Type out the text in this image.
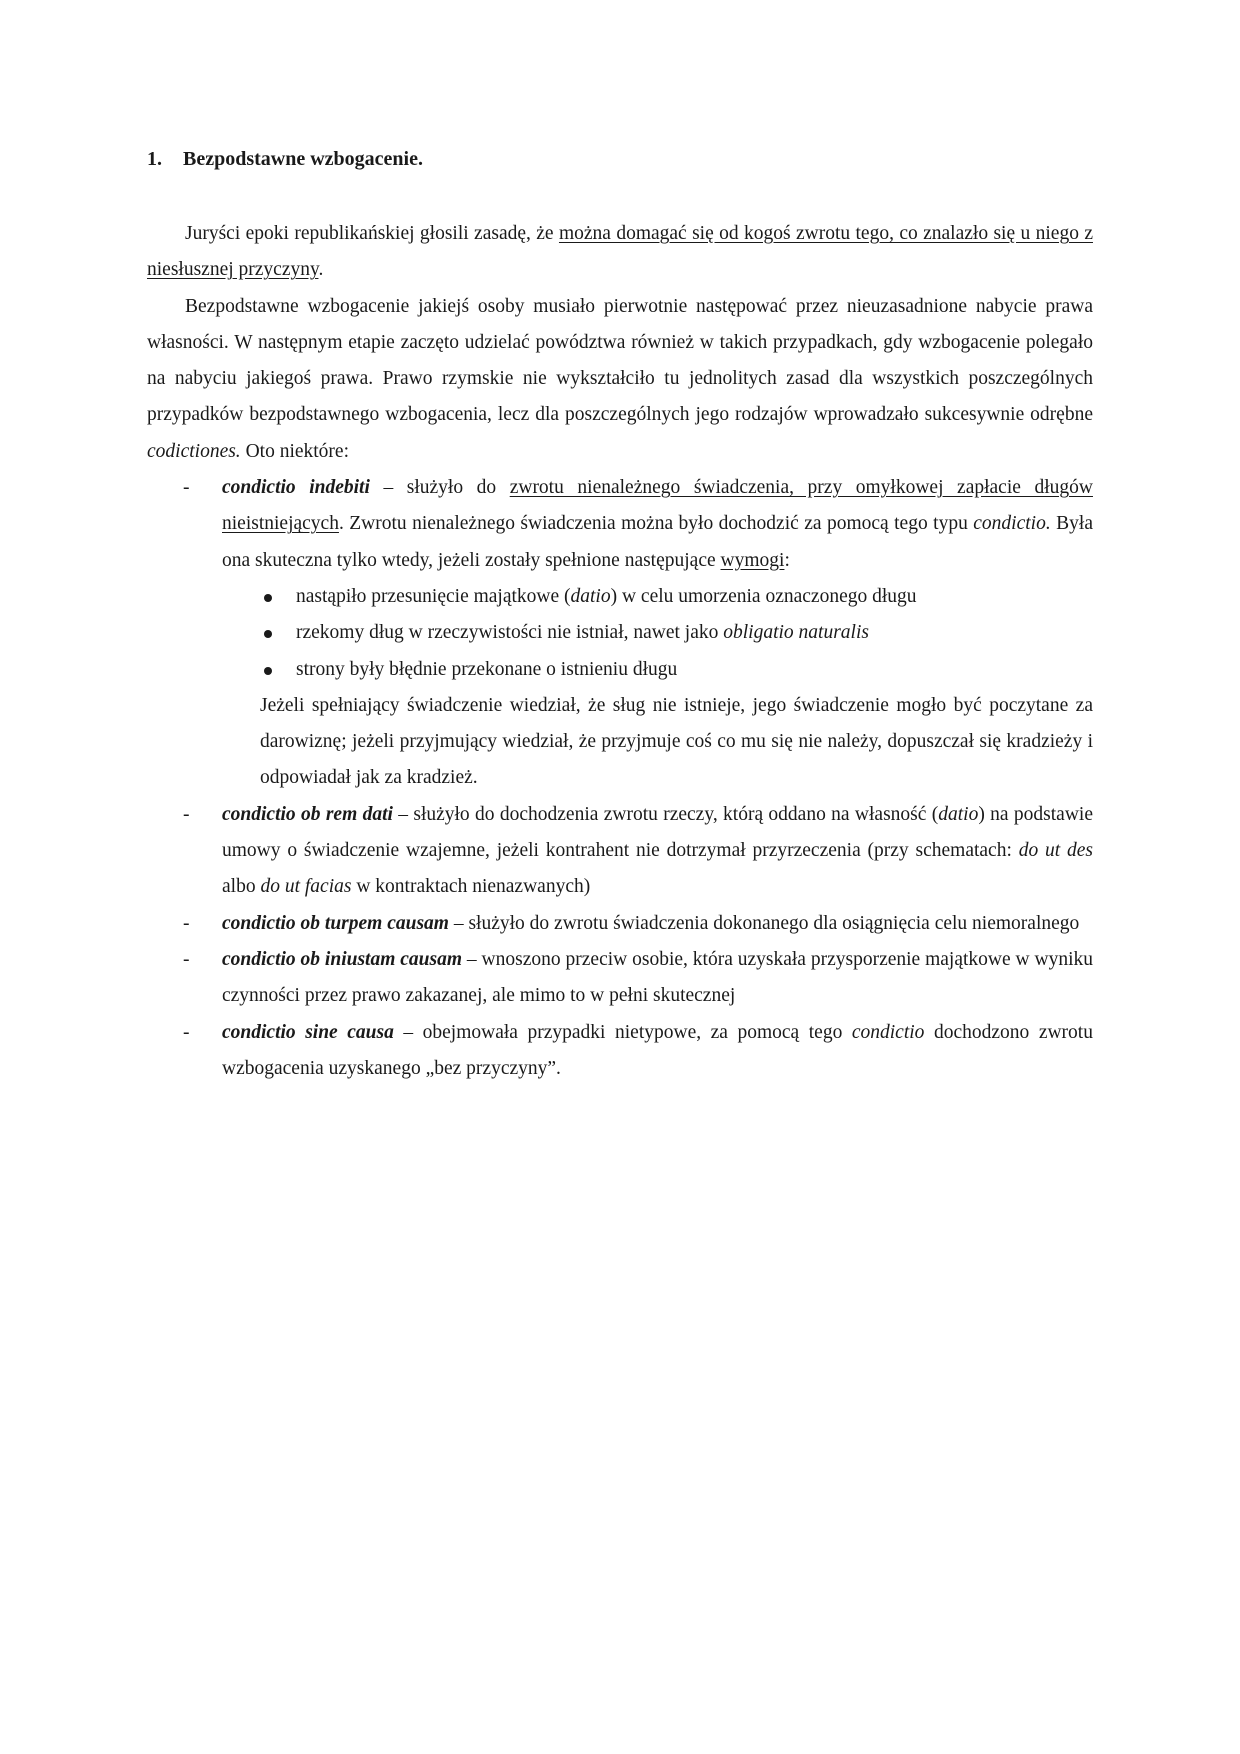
1. Bezpodstawne wzbogacenie.

Juryści epoki republikańskiej głosili zasadę, że można domagać się od kogoś zwrotu tego, co znalazło się u niego z niesłusznej przyczyny.

Bezpodstawne wzbogacenie jakiejś osoby musiało pierwotnie następować przez nieuzasadnione nabycie prawa własności. W następnym etapie zaczęto udzielać powództwa również w takich przypadkach, gdy wzbogacenie polegało na nabyciu jakiegoś prawa. Prawo rzymskie nie wykształciło tu jednolitych zasad dla wszystkich poszczególnych przypadków bezpodstawnego wzbogacenia, lecz dla poszczególnych jego rodzajów wprowadzało sukcesywnie odrębne codictiones. Oto niektóre:

- condictio indebiti – służyło do zwrotu nienależnego świadczenia, przy omyłkowej zapłacie długów nieistniejących. Zwrotu nienależnego świadczenia można było dochodzić za pomocą tego typu condictio. Była ona skuteczna tylko wtedy, jeżeli zostały spełnione następujące wymogi:
nastąpiło przesunięcie majątkowe (datio) w celu umorzenia oznaczonego długu
rzekomy dług w rzeczywistości nie istniał, nawet jako obligatio naturalis
strony były błędnie przekonane o istnieniu długu
Jeżeli spełniający świadczenie wiedział, że sług nie istnieje, jego świadczenie mogło być poczytane za darowiznę; jeżeli przyjmujący wiedział, że przyjmuje coś co mu się nie należy, dopuszczał się kradzieży i odpowiadał jak za kradzież.
- condictio ob rem dati – służyło do dochodzenia zwrotu rzeczy, którą oddano na własność (datio) na podstawie umowy o świadczenie wzajemne, jeżeli kontrahent nie dotrzymał przyrzeczenia (przy schematach: do ut des albo do ut facias w kontraktach nienazwanych)
- condictio ob turpem causam – służyło do zwrotu świadczenia dokonanego dla osiągnięcia celu niemoralnego
- condictio ob iniustam causam – wnoszono przeciw osobie, która uzyskała przysporzenie majątkowe w wyniku czynności przez prawo zakazanej, ale mimo to w pełni skutecznej
- condictio sine causa – obejmowała przypadki nietypowe, za pomocą tego condictio dochodzono zwrotu wzbogacenia uzyskanego „bez przyczyny”.
